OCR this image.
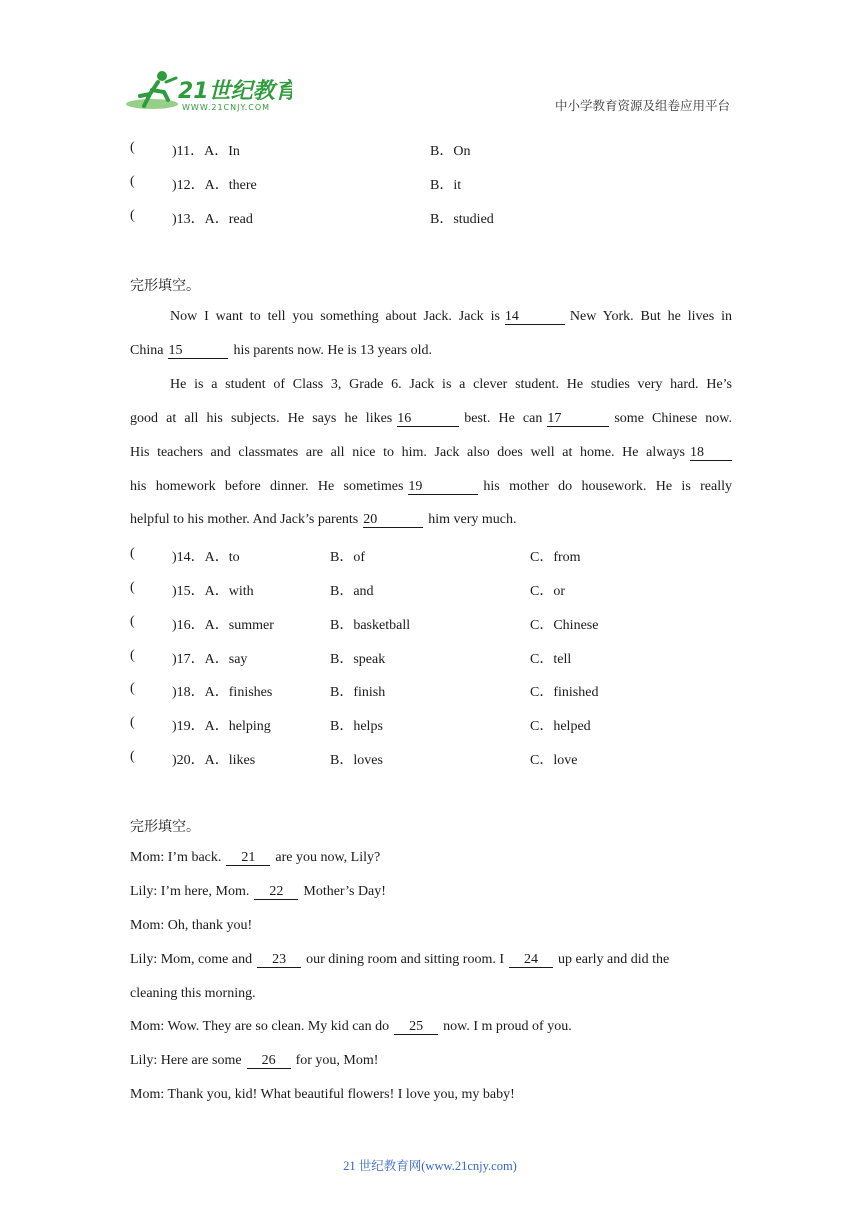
21世纪教育
WWW.21CNJY.COM	中小学教育资源及组卷应用平台
(	)11．A．In	B．On
(	)12．A．there	B．it
(	)13．A．read	B．studied
完形填空。
Now I want to tell you something about Jack. Jack is 14	New York. But he lives in
China 15	his parents now. He is 13 years old.
He is a student of Class 3, Grade 6. Jack is a clever student. He studies very hard. He’s
good at all his subjects. He says he likes 16	best. He can 17	some Chinese now.
His teachers and classmates are all nice to him. Jack also does well at home. He always 18
his homework before dinner. He sometimes 19	his mother do housework. He is really
helpful to his mother. And Jack’s parents 20	him very much.
(	)14．A．to	B．of	C．from
(	)15．A．with	B．and	C．or
(	)16．A．summer	B．basketball	C．Chinese
(	)17．A．say	B．speak	C．tell
(	)18．A．finishes	B．finish	C．finished
(	)19．A．helping	B．helps	C．helped
(	)20．A．likes	B．loves	C．love
完形填空。
Mom: I’m back. 21 are you now, Lily?
Lily: I’m here, Mom. 22 Mother’s Day!
Mom: Oh, thank you!
Lily: Mom, come and 23 our dining room and sitting room. I 24 up early and did the
cleaning this morning.
Mom: Wow. They are so clean. My kid can do 25 now. I m proud of you.
Lily: Here are some 26 for you, Mom!
Mom: Thank you, kid! What beautiful flowers! I love you, my baby!
21 世纪教育网(www.21cnjy.com)
